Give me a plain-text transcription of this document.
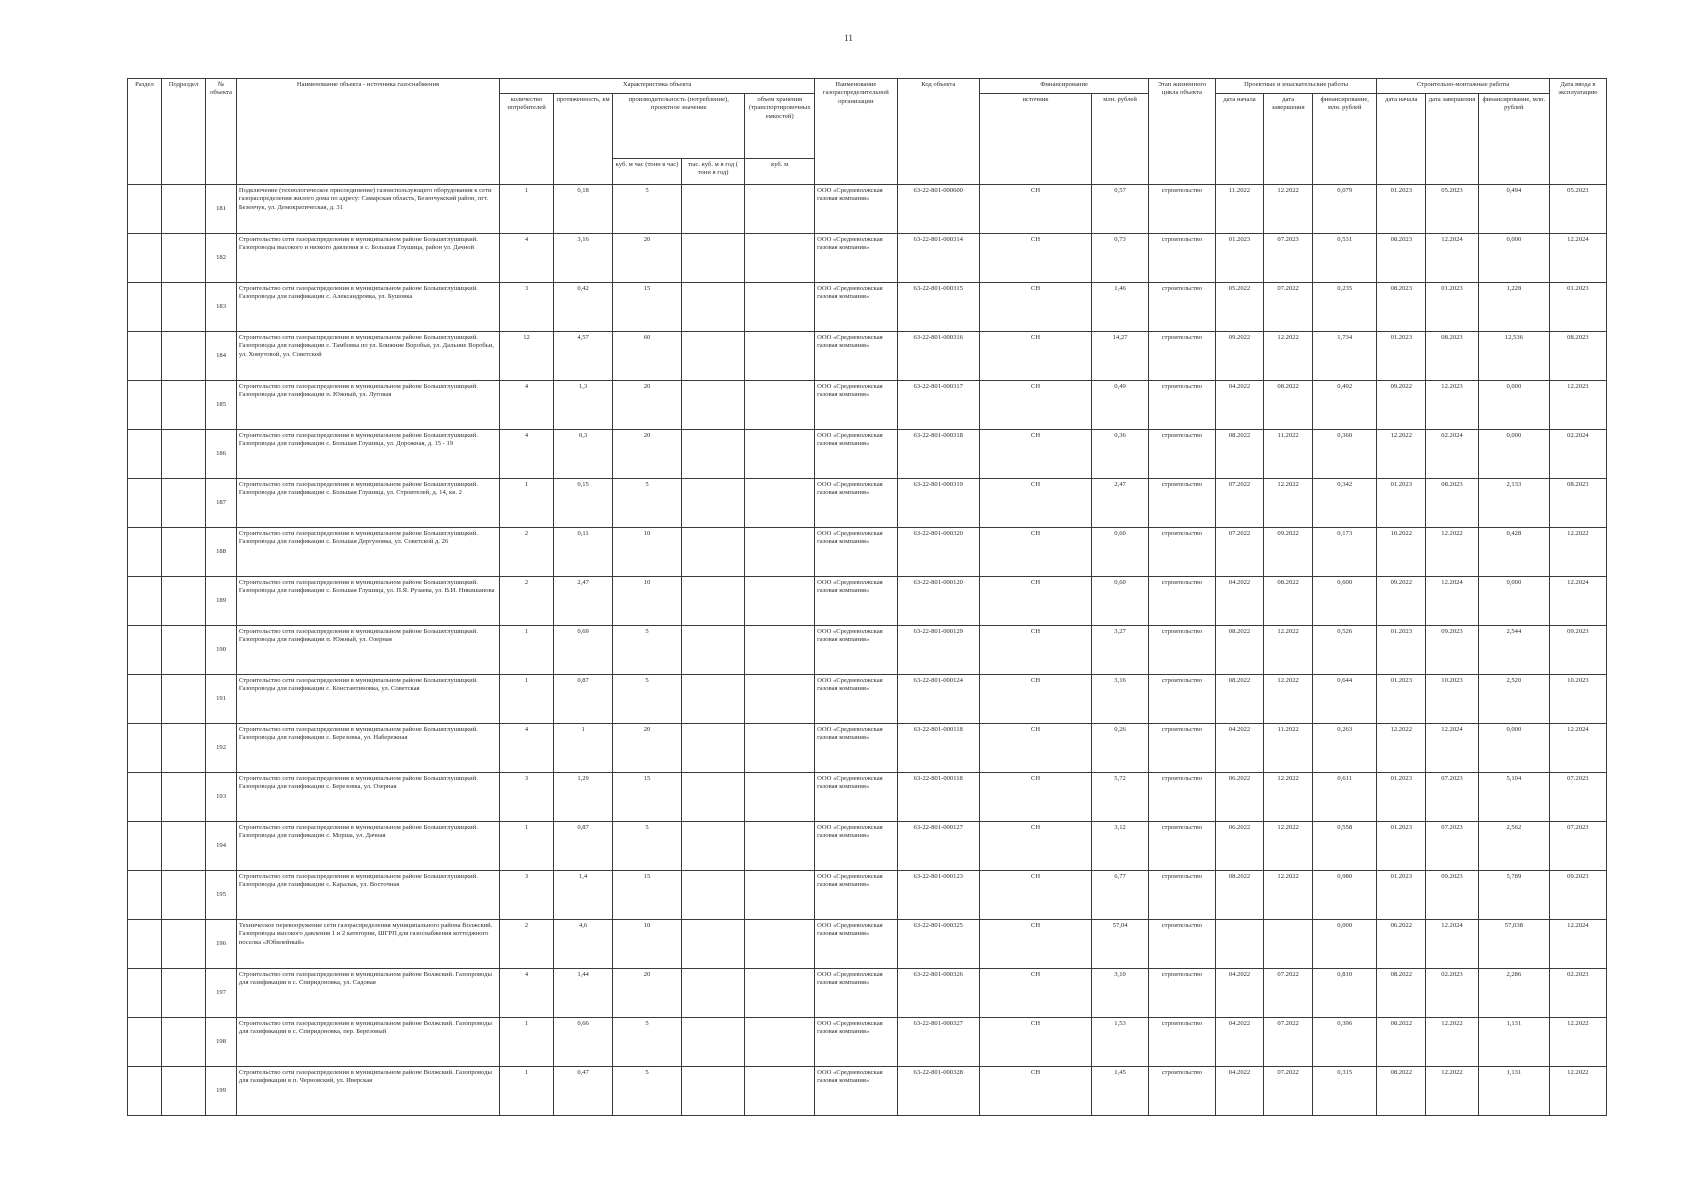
11
Раздел	Подраздел	№ объекта	Наименование объекта - источника газоснабжения	Характеристика объекта					Наименование газораспределительной организации	Код объекта	Финансирование		Этап жизненного цикла объекта	Проектные и изыскательские работы			Строительно-монтажные работы			Дата ввода в эксплуатацию
				количество потребителей	протяженность, км	производительность (потребление), проектное значение		объем хранения (транспортировочных емкостей)			источник	млн. рублей		дата начала	дата завершения	финансирование, млн. рублей	дата начала	дата завершения	финансирование, млн. рублей	
						куб. м час (тонн в час)	тыс. куб. м в год ( тонн в год)	куб. м												
		181	Подключение (технологическое присоединение) газоиспользующего оборудования к сети газораспределения жилого дома по адресу: Самарская область, Безенчукский район, пгт. Безенчук, ул. Демократическая, д. 31	1	0,18	5			ООО «Средневолжская газовая компания»	63-22-801-000600	СН	0,57	строительство	11.2022	12.2022	0,079	01.2023	05.2023	0,494	05.2023
		182	Строительство сети газораспределения в муниципальном районе Большеглушицкий. Газопроводы высокого и низкого давления в с. Большая Глушица, район ул. Дачной	4	3,16	20			ООО «Средневолжская газовая компания»	63-22-801-000314	СН	0,73	строительство	01.2023	07.2023	0,531	08.2023	12.2024	0,000	12.2024
		183	Строительство сети газораспределения в муниципальном районе Большеглушицкий. Газопроводы для газификации с. Александровка, ул. Бушовка	3	0,42	15			ООО «Средневолжская газовая компания»	63-22-801-000315	СН	1,46	строительство	05.2022	07.2022	0,235	08.2023	01.2023	1,228	01.2023
		184	Строительство сети газораспределения в муниципальном районе Большеглушицкий. Газопроводы для газификации с. Тамбовка по ул. Ближние Воробьи, ул. Дальние Воробьи, ул. Хомутовой, ул. Советской	12	4,57	60			ООО «Средневолжская газовая компания»	63-22-801-000316	СН	14,27	строительство	09.2022	12.2022	1,734	01.2023	08.2023	12,536	08.2023
		185	Строительство сети газораспределения в муниципальном районе Большеглушицкий. Газопроводы для газификации п. Южный, ул. Луговая	4	1,3	20			ООО «Средневолжская газовая компания»	63-22-801-000317	СН	0,49	строительство	04.2022	08.2022	0,492	09.2022	12.2023	0,000	12.2023
		186	Строительство сети газораспределения в муниципальном районе Большеглушицкий. Газопроводы для газификации с. Большая Глушица, ул. Дорожная, д. 15 - 19	4	0,3	20			ООО «Средневолжская газовая компания»	63-22-801-000318	СН	0,36	строительство	08.2022	11.2022	0,360	12.2022	02.2024	0,000	02.2024
		187	Строительство сети газораспределения в муниципальном районе Большеглушицкий. Газопроводы для газификации с. Большая Глушица, ул. Строителей, д. 14, кв. 2	1	0,15	5			ООО «Средневолжская газовая компания»	63-22-801-000319	СН	2,47	строительство	07.2022	12.2022	0,342	01.2023	08.2023	2,133	08.2023
		188	Строительство сети газораспределения в муниципальном районе Большеглушицкий. Газопроводы для газификации с. Большая Дергуновка, ул. Советской д. 26	2	0,11	10			ООО «Средневолжская газовая компания»	63-22-801-000320	СН	0,60	строительство	07.2022	09.2022	0,173	10.2022	12.2022	0,428	12.2022
		189	Строительство сети газораспределения в муниципальном районе Большеглушицкий. Газопроводы для газификации с. Большая Глушица, ул. П.Я. Рузаева, ул. В.И. Никишанова	2	2,47	10			ООО «Средневолжская газовая компания»	63-22-801-000120	СН	0,60	строительство	04.2022	08.2022	0,600	09.2022	12.2024	0,000	12.2024
		190	Строительство сети газораспределения в муниципальном районе Большеглушицкий. Газопроводы для газификации п. Южный, ул. Озерная	1	0,69	5			ООО «Средневолжская газовая компания»	63-22-801-000129	СН	3,27	строительство	08.2022	12.2022	0,526	01.2023	09.2023	2,544	09.2023
		191	Строительство сети газораспределения в муниципальном районе Большеглушицкий. Газопроводы для газификации с. Константиновка, ул. Советская	1	0,87	5			ООО «Средневолжская газовая компания»	63-22-801-000124	СН	3,16	строительство	08.2022	12.2022	0,644	01.2023	10.2023	2,520	10.2023
		192	Строительство сети газораспределения в муниципальном районе Большеглушицкий. Газопроводы для газификации с. Березовка, ул. Набережная	4	1	20			ООО «Средневолжская газовая компания»	63-22-801-000118	СН	0,26	строительство	04.2022	11.2022	0,263	12.2022	12.2024	0,000	12.2024
		193	Строительство сети газораспределения в муниципальном районе Большеглушицкий. Газопроводы для газификации с. Березовка, ул. Озерная	3	1,29	15			ООО «Средневолжская газовая компания»	63-22-801-000118	СН	5,72	строительство	06.2022	12.2022	0,611	01.2023	07.2023	5,104	07.2023
		194	Строительство сети газораспределения в муниципальном районе Большеглушицкий. Газопроводы для газификации с. Морша, ул. Дачная	1	0,87	5			ООО «Средневолжская газовая компания»	63-22-801-000127	СН	3,12	строительство	06.2022	12.2022	0,558	01.2023	07.2023	2,562	07.2023
		195	Строительство сети газораспределения в муниципальном районе Большеглушицкий. Газопроводы для газификации с. Каралык, ул. Восточная	3	1,4	15			ООО «Средневолжская газовая компания»	63-22-801-000123	СН	6,77	строительство	08.2022	12.2022	0,980	01.2023	09.2023	5,789	09.2023
		196	Техническое перевооружение сети газораспределения муниципального района Волжский. Газопроводы высокого давления 1 и 2 категории, ШГРП для газоснабжения коттеджного поселка «Юбилейный»	2	4,6	10			ООО «Средневолжская газовая компания»	63-22-801-000325	СН	57,04	строительство			0,000	06.2022	12.2024	57,038	12.2024
		197	Строительство сети газораспределения в муниципальном районе Волжский. Газопроводы для газификации в с. Спиридоновка, ул. Садовая	4	1,44	20			ООО «Средневолжская газовая компания»	63-22-801-000326	СН	3,10	строительство	04.2022	07.2022	0,810	08.2022	02.2023	2,286	02.2023
		198	Строительство сети газораспределения в муниципальном районе Волжский. Газопроводы для газификации в с. Спиридоновка, пер. Березовый	1	0,66	5			ООО «Средневолжская газовая компания»	63-22-801-000327	СН	1,53	строительство	04.2022	07.2022	0,396	08.2022	12.2022	1,131	12.2022
		199	Строительство сети газораспределения в муниципальном районе Волжский. Газопроводы для газификации в п. Черновский, ул. Иверская	1	0,47	5			ООО «Средневолжская газовая компания»	63-22-801-000328	СН	1,45	строительство	04.2022	07.2022	0,315	08.2022	12.2022	1,131	12.2022
